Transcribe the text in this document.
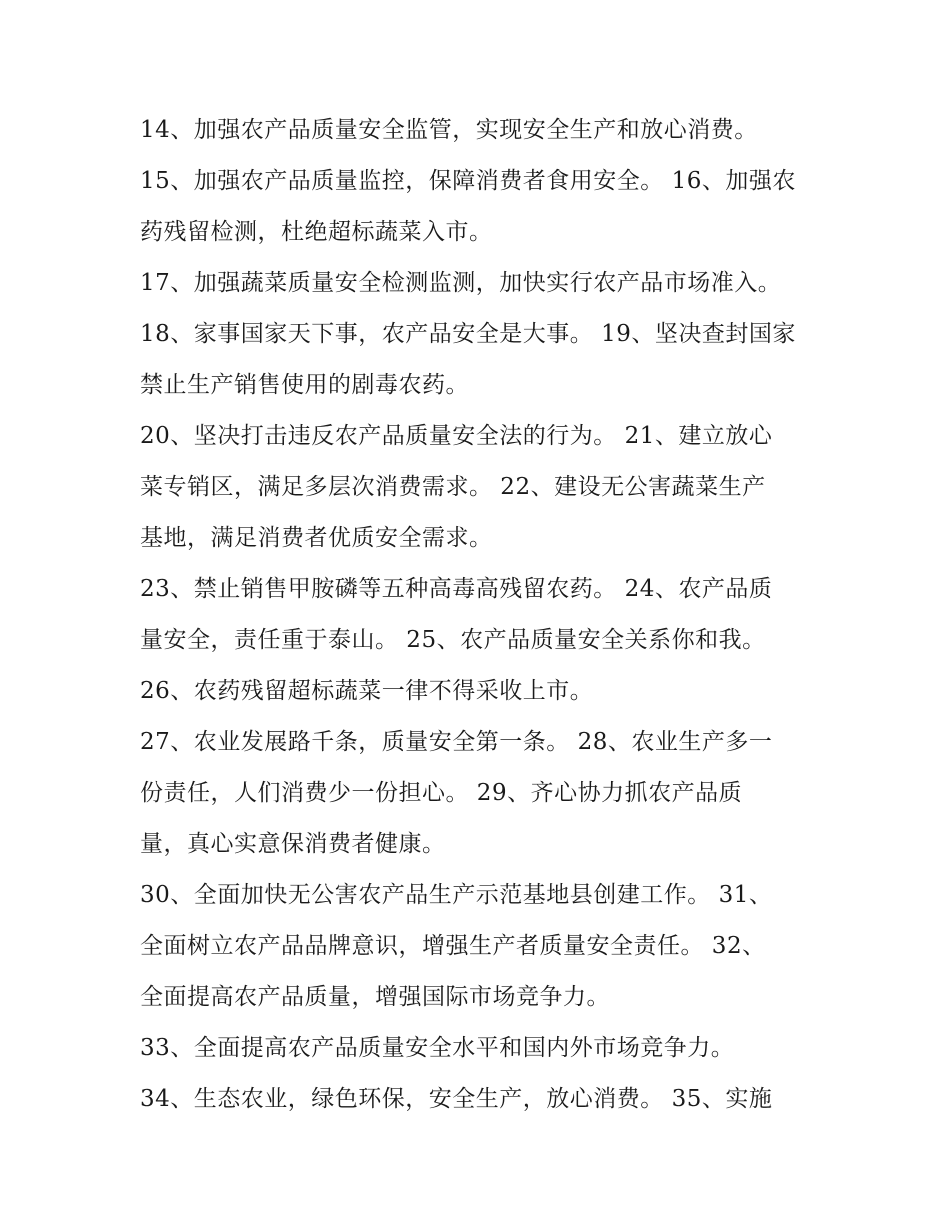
14、加强农产品质量安全监管，实现安全生产和放心消费。
15、加强农产品质量监控，保障消费者食用安全。 16、加强农
药残留检测，杜绝超标蔬菜入市。
17、加强蔬菜质量安全检测监测，加快实行农产品市场准入。
18、家事国家天下事，农产品安全是大事。 19、坚决查封国家
禁止生产销售使用的剧毒农药。
20、坚决打击违反农产品质量安全法的行为。 21、建立放心
菜专销区，满足多层次消费需求。 22、建设无公害蔬菜生产
基地，满足消费者优质安全需求。
23、禁止销售甲胺磷等五种高毒高残留农药。 24、农产品质
量安全，责任重于泰山。 25、农产品质量安全关系你和我。
26、农药残留超标蔬菜一律不得采收上市。
27、农业发展路千条，质量安全第一条。 28、农业生产多一
份责任，人们消费少一份担心。 29、齐心协力抓农产品质
量，真心实意保消费者健康。
30、全面加快无公害农产品生产示范基地县创建工作。 31、
全面树立农产品品牌意识，增强生产者质量安全责任。 32、
全面提高农产品质量，增强国际市场竞争力。
33、全面提高农产品质量安全水平和国内外市场竞争力。
34、生态农业，绿色环保，安全生产，放心消费。 35、实施
